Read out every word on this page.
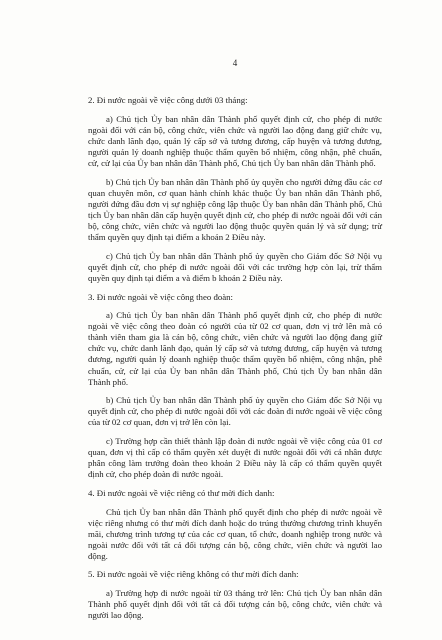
4

2. Đi nước ngoài về việc công dưới 03 tháng:

a) Chủ tịch Ủy ban nhân dân Thành phố quyết định cử, cho phép đi nước ngoài đối với cán bộ, công chức, viên chức và người lao động đang giữ chức vụ, chức danh lãnh đạo, quản lý cấp sở và tương đương, cấp huyện và tương đương, người quản lý doanh nghiệp thuộc thẩm quyền bổ nhiệm, công nhận, phê chuẩn, cử, cử lại của Ủy ban nhân dân Thành phố, Chủ tịch Ủy ban nhân dân Thành phố.

b) Chủ tịch Ủy ban nhân dân Thành phố ủy quyền cho người đứng đầu các cơ quan chuyên môn, cơ quan hành chính khác thuộc Ủy ban nhân dân Thành phố, người đứng đầu đơn vị sự nghiệp công lập thuộc Ủy ban nhân dân Thành phố, Chủ tịch Ủy ban nhân dân cấp huyện quyết định cử, cho phép đi nước ngoài đối với cán bộ, công chức, viên chức và người lao động thuộc quyền quản lý và sử dụng; trừ thẩm quyền quy định tại điểm a khoản 2 Điều này.

c) Chủ tịch Ủy ban nhân dân Thành phố ủy quyền cho Giám đốc Sở Nội vụ quyết định cử, cho phép đi nước ngoài đối với các trường hợp còn lại, trừ thẩm quyền quy định tại điểm a và điểm b khoản 2 Điều này.

3. Đi nước ngoài về việc công theo đoàn:

a) Chủ tịch Ủy ban nhân dân Thành phố quyết định cử, cho phép đi nước ngoài về việc công theo đoàn có người của từ 02 cơ quan, đơn vị trở lên mà có thành viên tham gia là cán bộ, công chức, viên chức và người lao động đang giữ chức vụ, chức danh lãnh đạo, quản lý cấp sở và tương đương, cấp huyện và tương đương, người quản lý doanh nghiệp thuộc thẩm quyền bổ nhiệm, công nhận, phê chuẩn, cử, cử lại của Ủy ban nhân dân Thành phố, Chủ tịch Ủy ban nhân dân Thành phố.

b) Chủ tịch Ủy ban nhân dân Thành phố ủy quyền cho Giám đốc Sở Nội vụ quyết định cử, cho phép đi nước ngoài đối với các đoàn đi nước ngoài về việc công của từ 02 cơ quan, đơn vị trở lên còn lại.

c) Trường hợp cần thiết thành lập đoàn đi nước ngoài về việc công của 01 cơ quan, đơn vị thì cấp có thẩm quyền xét duyệt đi nước ngoài đối với cá nhân được phân công làm trưởng đoàn theo khoản 2 Điều này là cấp có thẩm quyền quyết định cử, cho phép đoàn đi nước ngoài.

4. Đi nước ngoài về việc riêng có thư mời đích danh:

Chủ tịch Ủy ban nhân dân Thành phố quyết định cho phép đi nước ngoài về việc riêng nhưng có thư mời đích danh hoặc do trúng thưởng chương trình khuyến mãi, chương trình tương tự của các cơ quan, tổ chức, doanh nghiệp trong nước và ngoài nước đối với tất cả đối tượng cán bộ, công chức, viên chức và người lao động.

5. Đi nước ngoài về việc riêng không có thư mời đích danh:

a) Trường hợp đi nước ngoài từ 03 tháng trở lên: Chủ tịch Ủy ban nhân dân Thành phố quyết định đối với tất cả đối tượng cán bộ, công chức, viên chức và người lao động.
